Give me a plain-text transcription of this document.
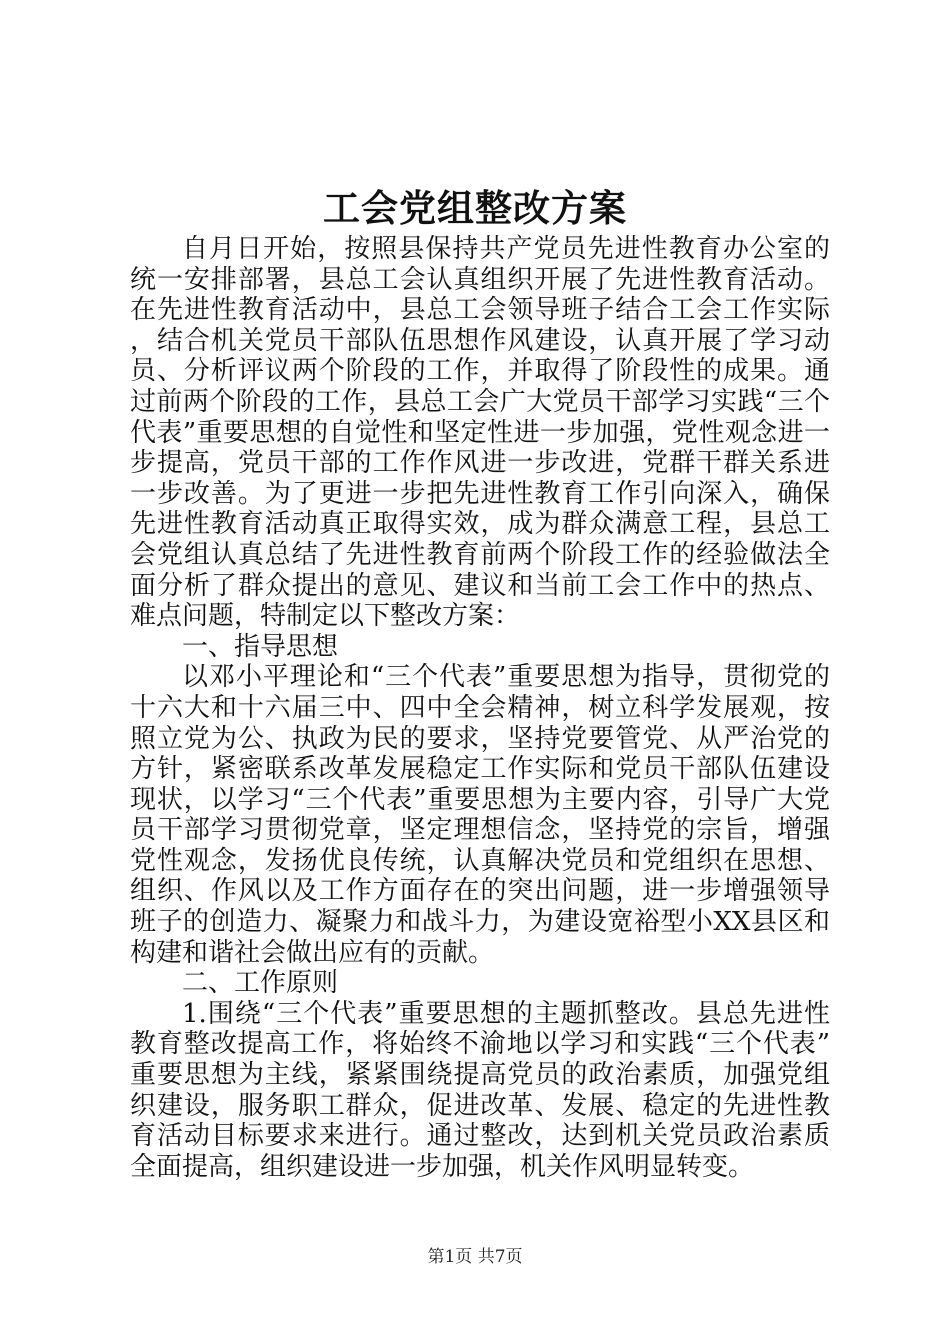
工会党组整改方案

自月日开始，按照县保持共产党员先进性教育办公室的统一安排部署，县总工会认真组织开展了先进性教育活动。在先进性教育活动中，县总工会领导班子结合工会工作实际，结合机关党员干部队伍思想作风建设，认真开展了学习动员、分析评议两个阶段的工作，并取得了阶段性的成果。通过前两个阶段的工作，县总工会广大党员干部学习实践“三个代表”重要思想的自觉性和坚定性进一步加强，党性观念进一步提高，党员干部的工作作风进一步改进，党群干群关系进一步改善。为了更进一步把先进性教育工作引向深入，确保先进性教育活动真正取得实效，成为群众满意工程，县总工会党组认真总结了先进性教育前两个阶段工作的经验做法全面分析了群众提出的意见、建议和当前工会工作中的热点、难点问题，特制定以下整改方案：

一、指导思想

以邓小平理论和“三个代表”重要思想为指导，贯彻党的十六大和十六届三中、四中全会精神，树立科学发展观，按照立党为公、执政为民的要求，坚持党要管党、从严治党的方针，紧密联系改革发展稳定工作实际和党员干部队伍建设现状，以学习“三个代表”重要思想为主要内容，引导广大党员干部学习贯彻党章，坚定理想信念，坚持党的宗旨，增强党性观念，发扬优良传统，认真解决党员和党组织在思想、组织、作风以及工作方面存在的突出问题，进一步增强领导班子的创造力、凝聚力和战斗力，为建设宽裕型小XX县区和构建和谐社会做出应有的贡献。

二、工作原则

1.围绕“三个代表”重要思想的主题抓整改。县总先进性教育整改提高工作，将始终不渝地以学习和实践“三个代表”重要思想为主线，紧紧围绕提高党员的政治素质，加强党组织建设，服务职工群众，促进改革、发展、稳定的先进性教育活动目标要求来进行。通过整改，达到机关党员政治素质全面提高，组织建设进一步加强，机关作风明显转变。

第1页 共7页
